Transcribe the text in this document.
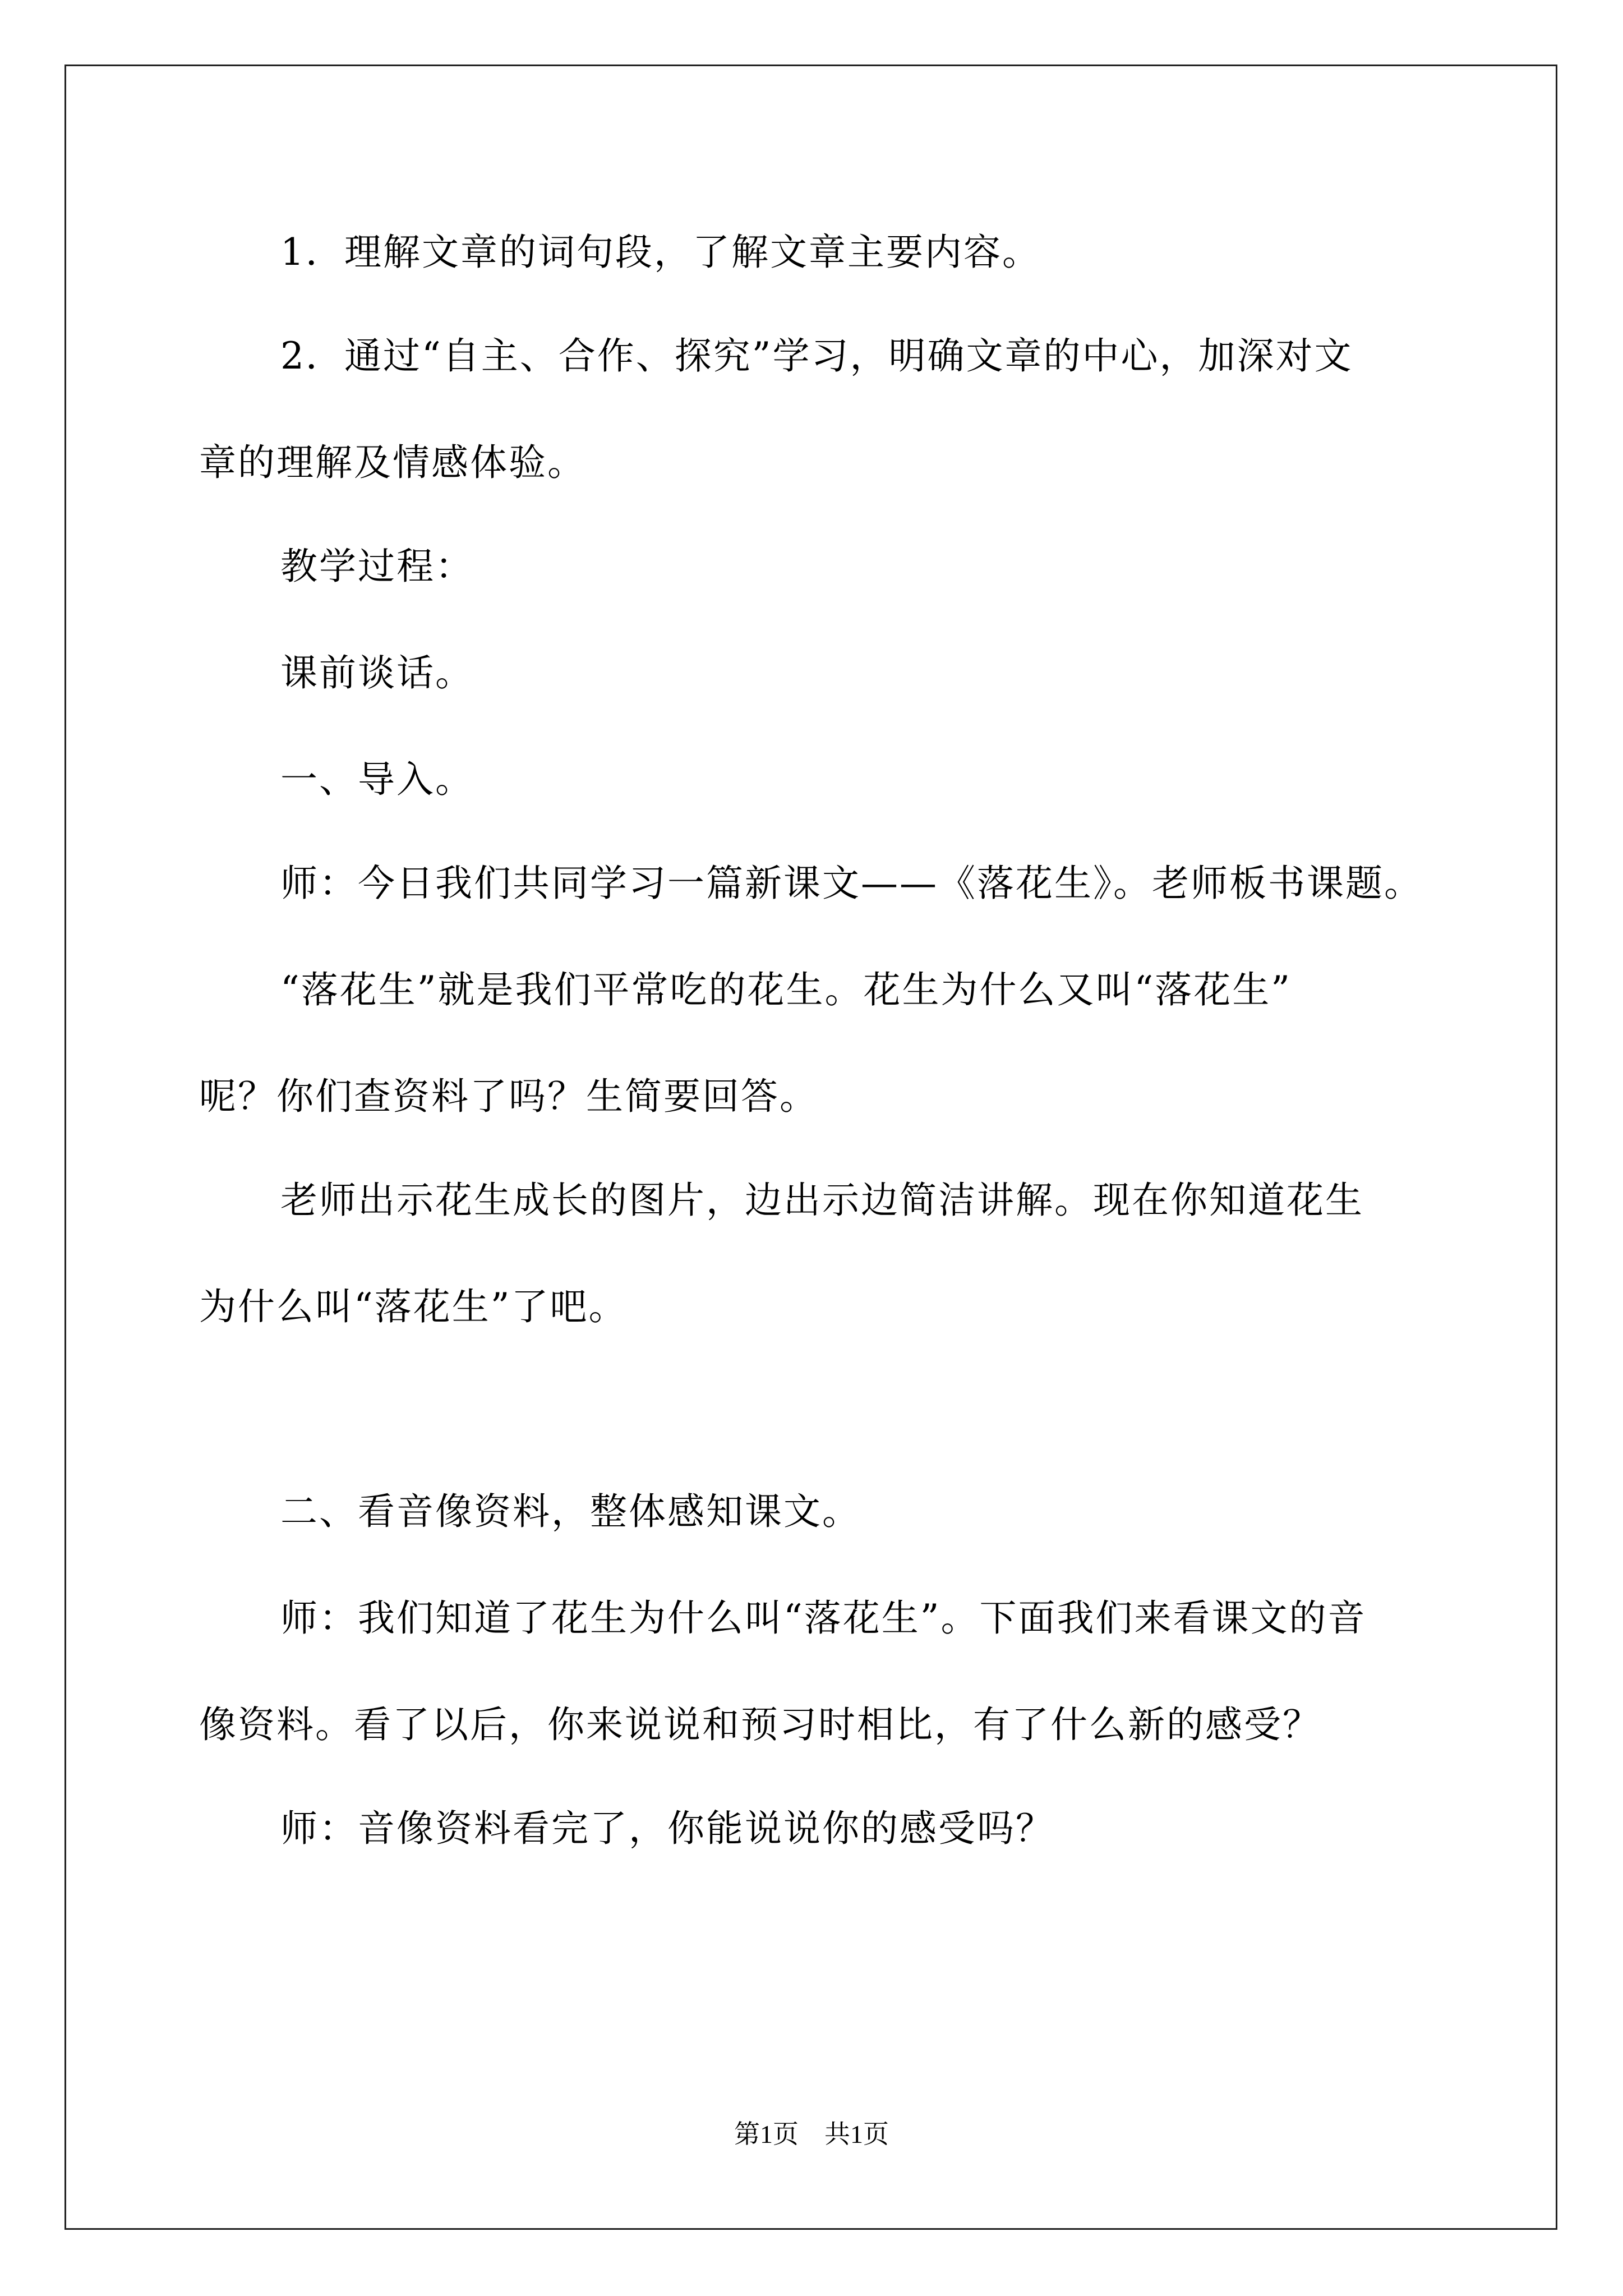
1．理解文章的词句段，了解文章主要内容。

2．通过“自主、合作、探究”学习，明确文章的中心，加深对文

章的理解及情感体验。

教学过程：

课前谈话。

一、导入。

师：今日我们共同学习一篇新课文——《落花生》。老师板书课题。

“落花生”就是我们平常吃的花生。花生为什么又叫“落花生”

呢？你们查资料了吗？生简要回答。

老师出示花生成长的图片，边出示边简洁讲解。现在你知道花生

为什么叫“落花生”了吧。

二、看音像资料，整体感知课文。

师：我们知道了花生为什么叫“落花生”。下面我们来看课文的音

像资料。看了以后，你来说说和预习时相比，有了什么新的感受？

师：音像资料看完了，你能说说你的感受吗？

第1页　共1页
